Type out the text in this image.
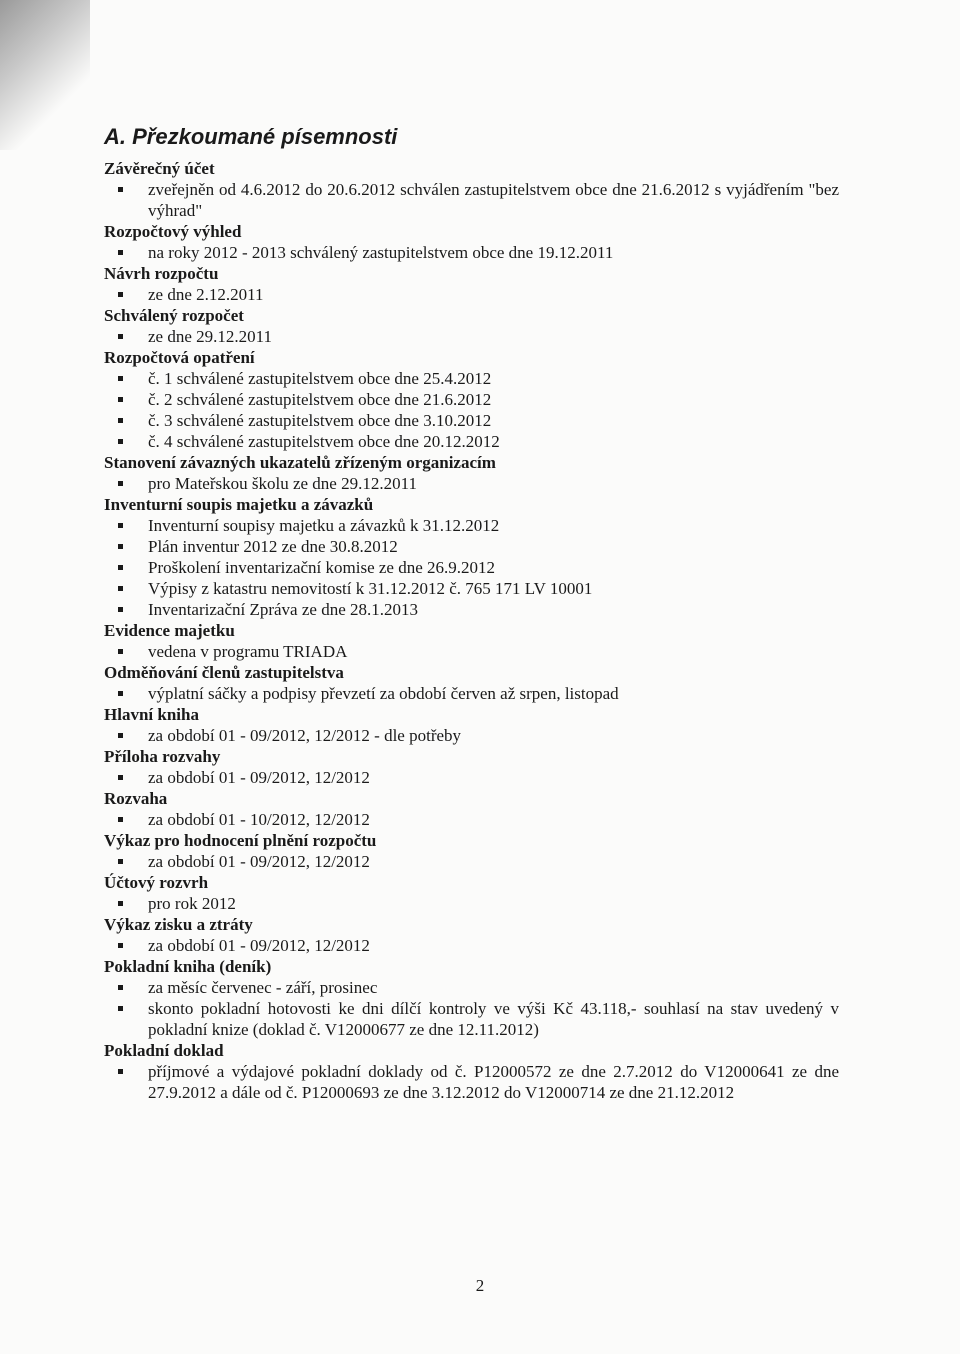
A. Přezkoumané písemnosti
Závěrečný účet
zveřejněn od 4.6.2012 do 20.6.2012 schválen zastupitelstvem obce dne 21.6.2012 s vyjádřením "bez výhrad"
Rozpočtový výhled
na roky 2012 - 2013 schválený zastupitelstvem obce dne 19.12.2011
Návrh rozpočtu
ze dne 2.12.2011
Schválený rozpočet
ze dne 29.12.2011
Rozpočtová opatření
č. 1 schválené zastupitelstvem obce dne 25.4.2012
č. 2 schválené zastupitelstvem obce dne 21.6.2012
č. 3 schválené zastupitelstvem obce dne 3.10.2012
č. 4 schválené zastupitelstvem obce dne 20.12.2012
Stanovení závazných ukazatelů zřízeným organizacím
pro Mateřskou školu ze dne 29.12.2011
Inventurní soupis majetku a závazků
Inventurní soupisy majetku a závazků k 31.12.2012
Plán inventur 2012 ze dne 30.8.2012
Proškolení inventarizační komise ze dne 26.9.2012
Výpisy z katastru nemovitostí k 31.12.2012 č. 765 171 LV 10001
Inventarizační Zpráva ze dne 28.1.2013
Evidence majetku
vedena v programu TRIADA
Odměňování členů zastupitelstva
výplatní sáčky a podpisy převzetí za období červen až srpen, listopad
Hlavní kniha
za období 01 - 09/2012, 12/2012 - dle potřeby
Příloha rozvahy
za období 01 - 09/2012, 12/2012
Rozvaha
za období 01 - 10/2012, 12/2012
Výkaz pro hodnocení plnění rozpočtu
za období 01 - 09/2012, 12/2012
Účtový rozvrh
pro rok 2012
Výkaz zisku a ztráty
za období 01 - 09/2012, 12/2012
Pokladní kniha (deník)
za měsíc červenec - září, prosinec
skonto pokladní hotovosti ke dni dílčí kontroly ve výši Kč 43.118,- souhlasí na stav uvedený v pokladní knize (doklad č. V12000677 ze dne 12.11.2012)
Pokladní doklad
příjmové a výdajové pokladní doklady od č. P12000572 ze dne 2.7.2012 do V12000641 ze dne 27.9.2012 a dále od č. P12000693 ze dne 3.12.2012 do V12000714 ze dne 21.12.2012
2
